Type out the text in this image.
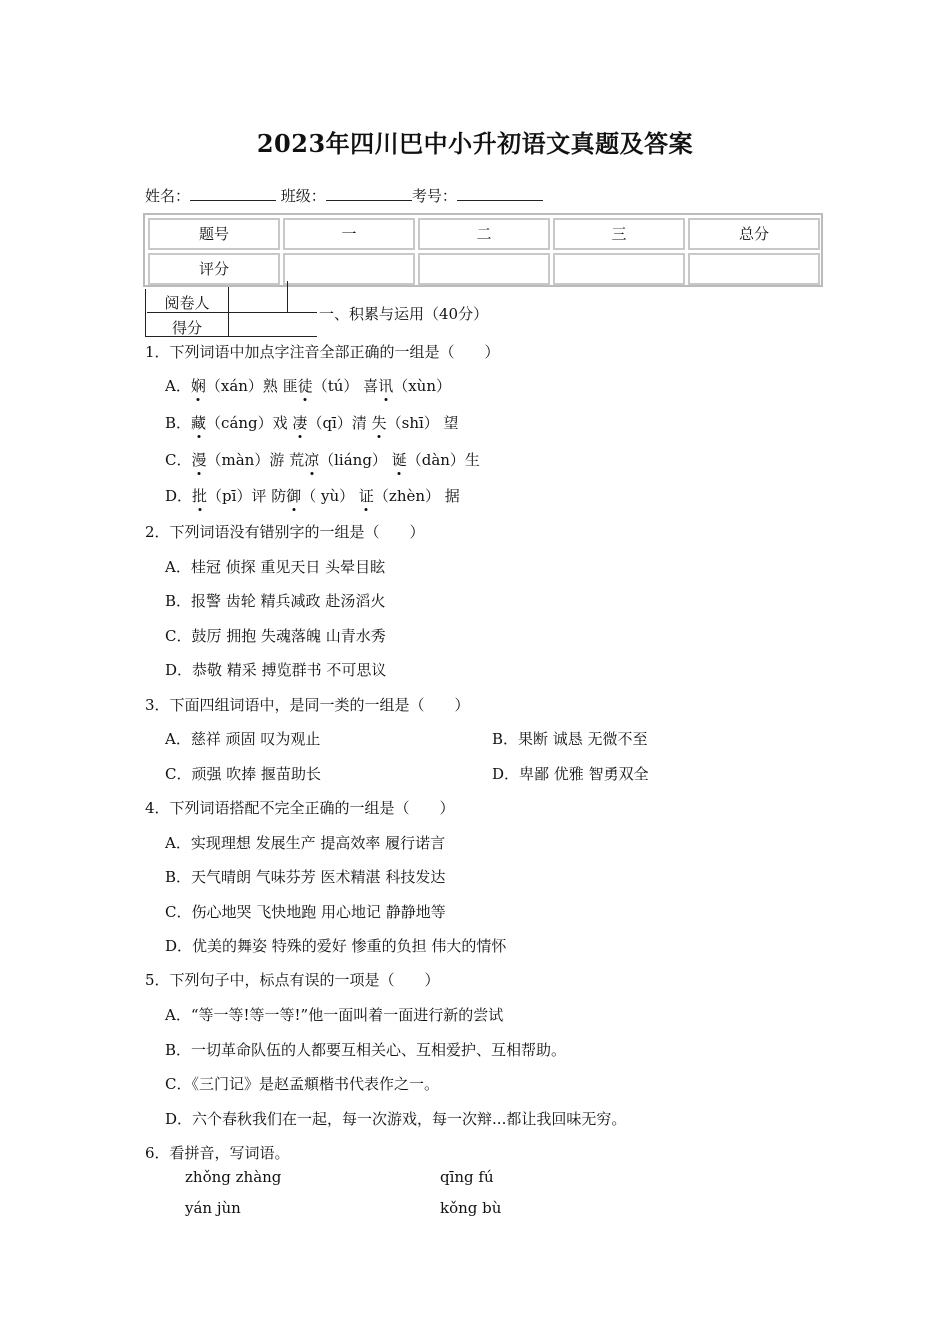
2023年四川巴中小升初语文真题及答案
姓名：	班级：	考号：
题号	一	二	三	总分
评分
阅卷人
得分
一、积累与运用（40分）
1．下列词语中加点字注音全部正确的一组是（　　）
A．娴（xán）熟 匪徒（tú） 喜讯（xùn）
B．藏（cáng）戏 凄（qī）清 失（shī） 望
C．漫（màn）游 荒凉（liáng） 诞（dàn）生
D．批（pī）评 防御（ yù） 证（zhèn） 据
2．下列词语没有错别字的一组是（　　）
A．桂冠 侦探 重见天日 头晕目眩
B．报警 齿轮 精兵减政 赴汤滔火
C．鼓厉 拥抱 失魂落魄 山青水秀
D．恭敬 精采 搏览群书 不可思议
3．下面四组词语中，是同一类的一组是（　　）
A．慈祥 顽固 叹为观止	B．果断 诚恳 无微不至
C．顽强 吹捧 揠苗助长	D．卑鄙 优雅 智勇双全
4．下列词语搭配不完全正确的一组是（　　）
A．实现理想 发展生产 提高效率 履行诺言
B．天气晴朗 气味芬芳 医术精湛 科技发达
C．伤心地哭 飞快地跑 用心地记 静静地等
D．优美的舞姿 特殊的爱好 惨重的负担 伟大的情怀
5．下列句子中，标点有误的一项是（　　）
A．“等一等!等一等!”他一面叫着一面进行新的尝试
B．一切革命队伍的人都要互相关心、互相爱护、互相帮助。
C．《三门记》是赵孟頫楷书代表作之一。
D．六个春秋我们在一起，每一次游戏，每一次辩...都让我回味无穷。
6．看拼音，写词语。
zhǒng zhàng	qīng fú
yán jùn	kǒng bù
